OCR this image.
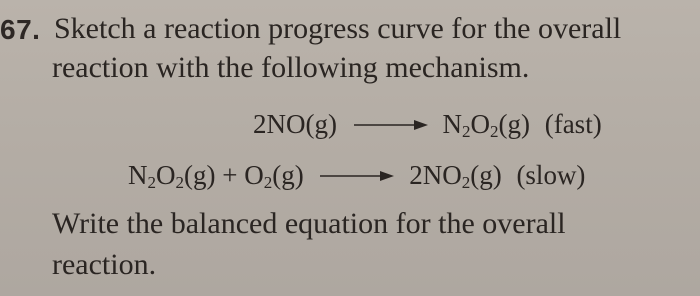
67. Sketch a reaction progress curve for the overall
reaction with the following mechanism.
$2NO(g) \to N_2O_2(g)$ (fast)
$N_2O_2(g) + O_2(g) \to 2NO_2(g)$ (slow)
Write the balanced equation for the overall
reaction.
